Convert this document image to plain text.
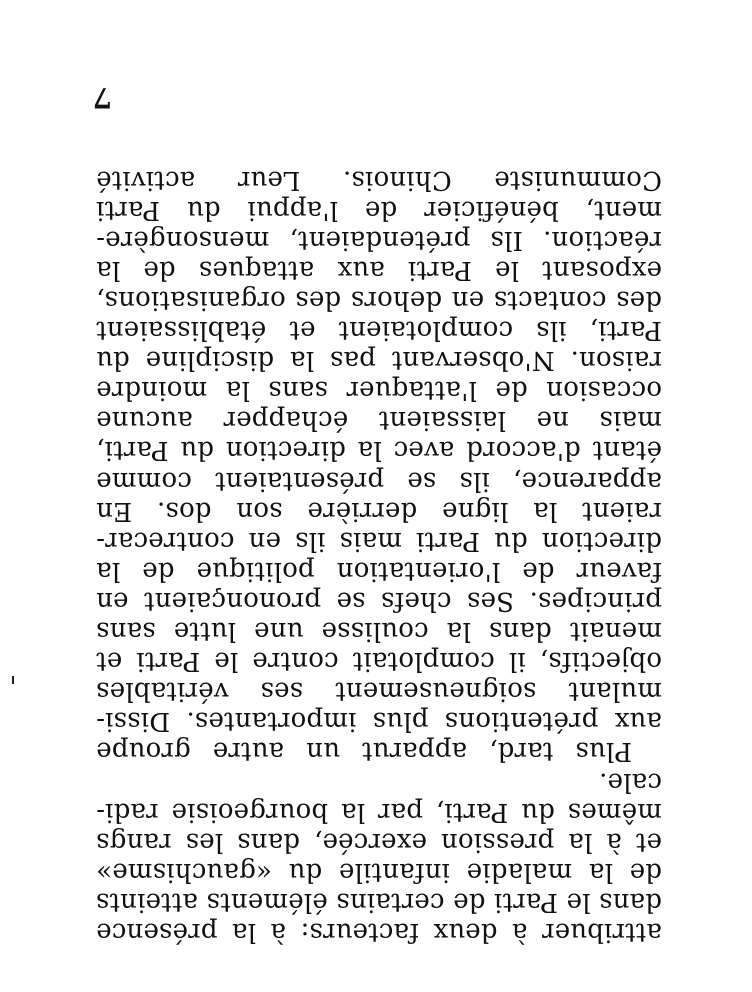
attribuer à deux facteurs: à la présence
dans le Parti de certains éléments atteints
de la maladie infantile du «gauchisme»
et à la pression exercée, dans les rangs
mêmes du Parti, par la bourgeoisie radi-
cale.
Plus tard, apparut un autre groupe
aux prétentions plus importantes. Dissi-
mulant soigneusement ses véritables
objectifs, il complotait contre le Parti et
menait dans la coulisse une lutte sans
principes. Ses chefs se prononçaient en
faveur de l'orientation politique de la
direction du Parti mais ils en contrecar-
raient la ligne derrière son dos. En
apparence, ils se présentaient comme
étant d'accord avec la direction du Parti,
mais ne laissaient échapper aucune
occasion de l'attaquer sans la moindre
raison. N'observant pas la discipline du
Parti, ils complotaient et établissaient
des contacts en dehors des organisations,
exposant le Parti aux attaques de la
réaction. Ils prétendaient, mensongère-
ment, bénéficier de l'appui du Parti
Communiste Chinois. Leur activité
7
